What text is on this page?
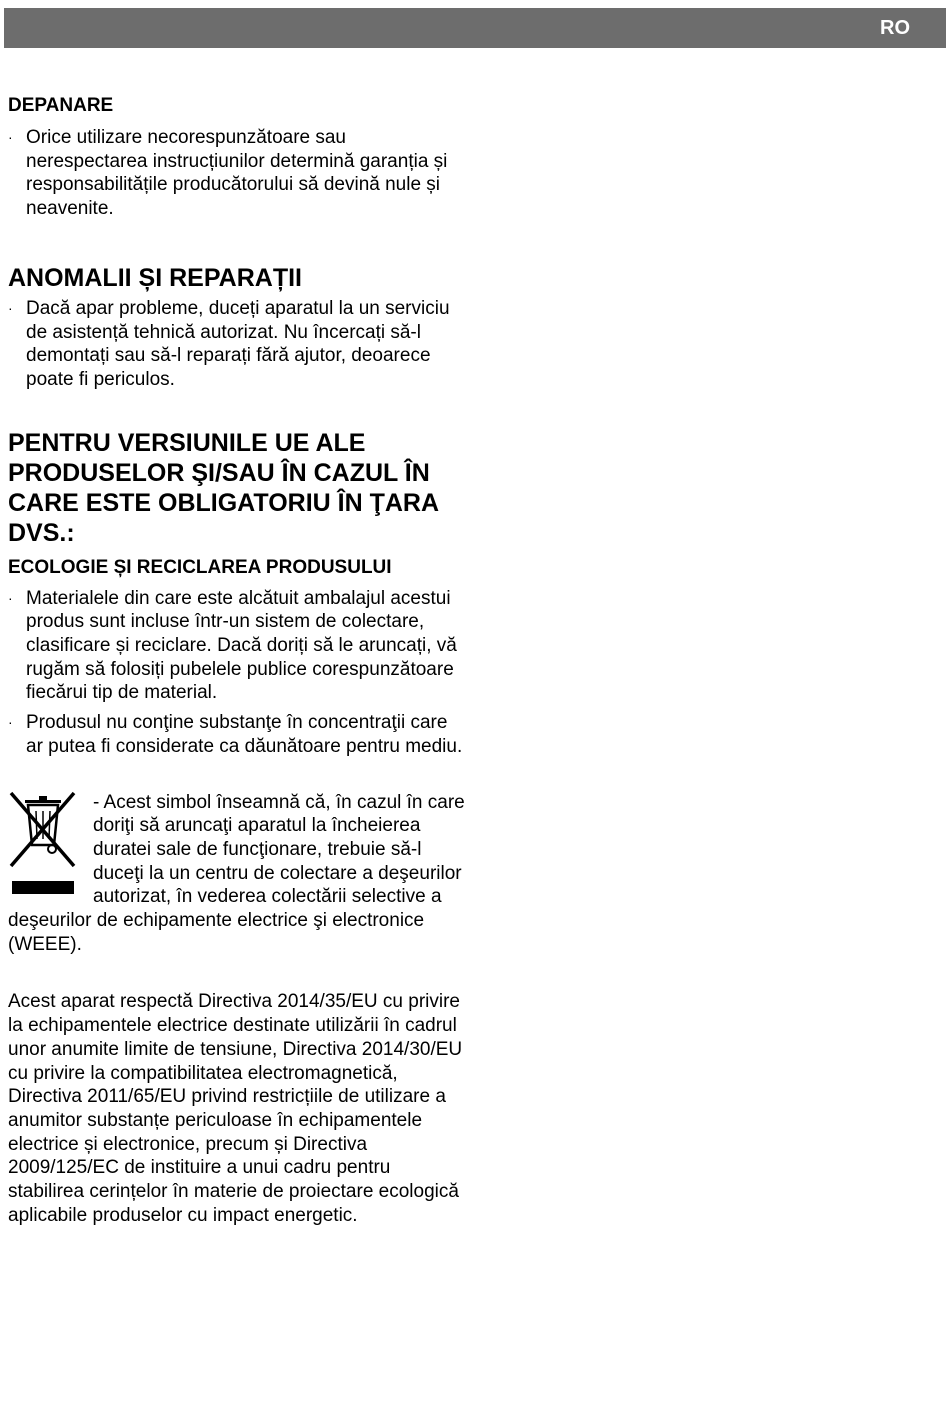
RO
DEPANARE
· Orice utilizare necorespunzătoare sau nerespectarea instrucțiunilor determină garanția și responsabilitățile producătorului să devină nule și neavenite.
ANOMALII ȘI REPARAȚII
· Dacă apar probleme, duceți aparatul la un serviciu de asistență tehnică autorizat. Nu încercați să-l demontați sau să-l reparați fără ajutor, deoarece poate fi periculos.
PENTRU VERSIUNILE UE ALE PRODUSELOR ŞI/SAU ÎN CAZUL ÎN CARE ESTE OBLIGATORIU ÎN ŢARA DVS.:
ECOLOGIE ȘI RECICLAREA PRODUSULUI
· Materialele din care este alcătuit ambalajul acestui produs sunt incluse într-un sistem de colectare, clasificare și reciclare. Dacă doriți să le aruncați, vă rugăm să folosiți pubelele publice corespunzătoare fiecărui tip de material.
· Produsul nu conţine substanţe în concentraţii care ar putea fi considerate ca dăunătoare pentru mediu.
- Acest simbol înseamnă că, în cazul în care doriţi să aruncaţi aparatul la încheierea duratei sale de funcţionare, trebuie să-l duceţi la un centru de colectare a deşeurilor autorizat, în vederea colectării selective a deşeurilor de echipamente electrice şi electronice (WEEE).

Acest aparat respectă Directiva 2014/35/EU cu privire la echipamentele electrice destinate utilizării în cadrul unor anumite limite de tensiune, Directiva 2014/30/EU cu privire la compatibilitatea electromagnetică, Directiva 2011/65/EU privind restricțiile de utilizare a anumitor substanțe periculoase în echipamentele electrice și electronice, precum și Directiva 2009/125/EC de instituire a unui cadru pentru stabilirea cerințelor în materie de proiectare ecologică aplicabile produselor cu impact energetic.
